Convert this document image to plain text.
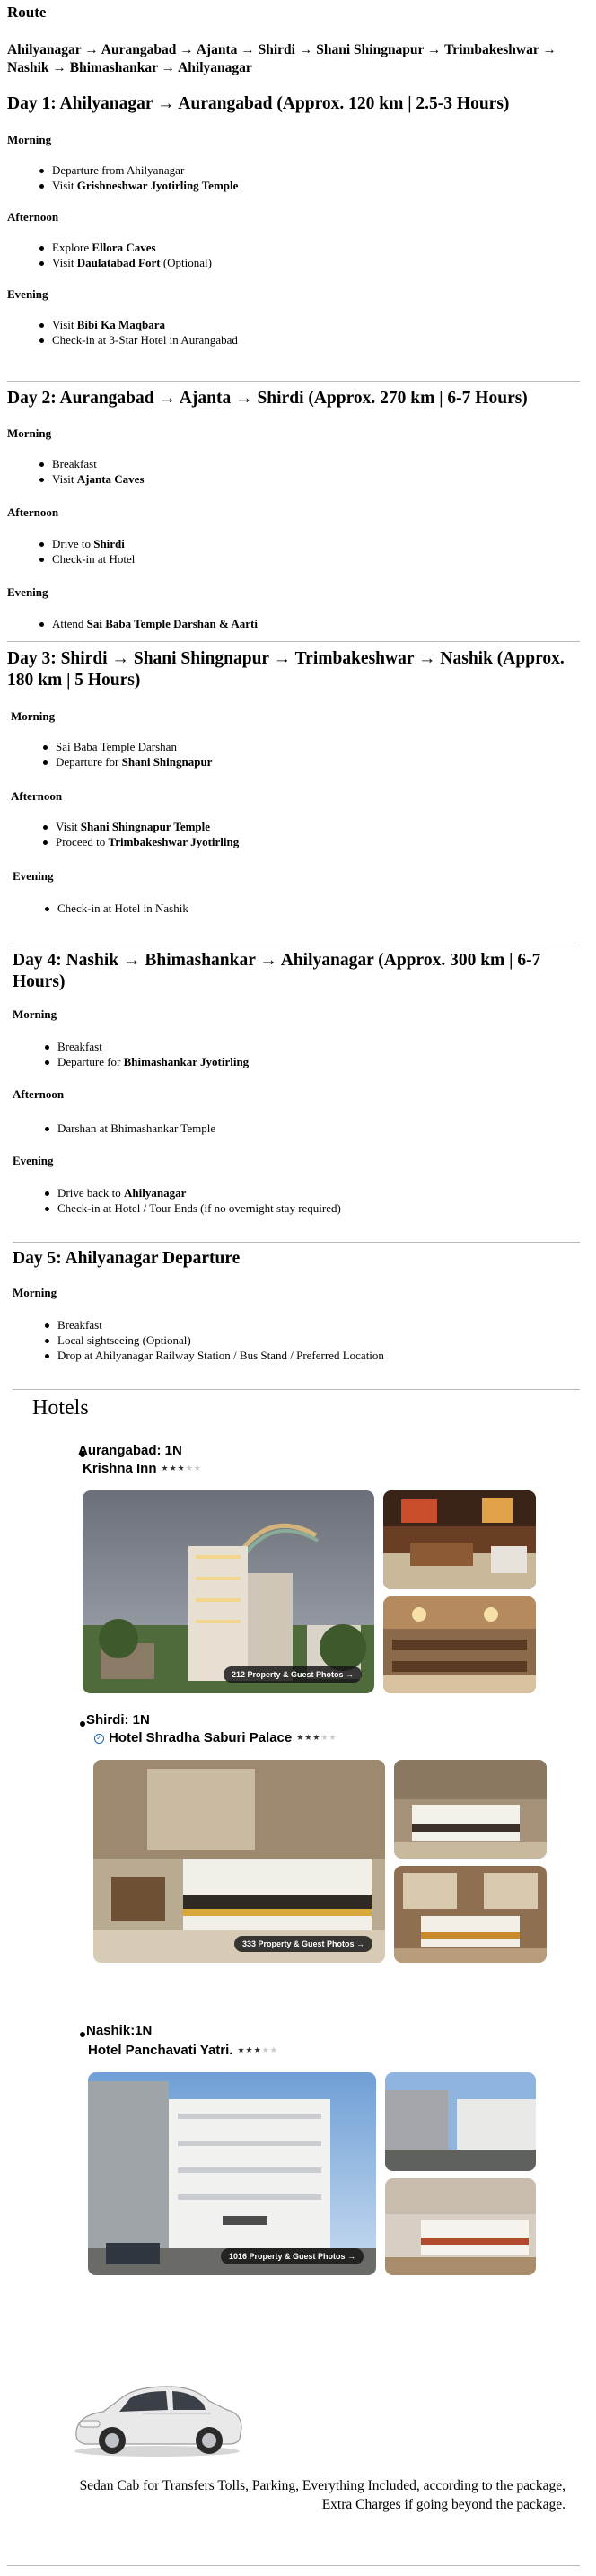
Route
Ahilyanagar → Aurangabad → Ajanta → Shirdi → Shani Shingnapur → Trimbakeshwar → Nashik → Bhimashankar → Ahilyanagar
Day 1: Ahilyanagar → Aurangabad (Approx. 120 km | 2.5-3 Hours)
Morning
Departure from Ahilyanagar
Visit Grishneshwar Jyotirling Temple
Afternoon
Explore Ellora Caves
Visit Daulatabad Fort (Optional)
Evening
Visit Bibi Ka Maqbara
Check-in at 3-Star Hotel in Aurangabad
Day 2: Aurangabad → Ajanta → Shirdi (Approx. 270 km | 6-7 Hours)
Morning
Breakfast
Visit Ajanta Caves
Afternoon
Drive to Shirdi
Check-in at Hotel
Evening
Attend Sai Baba Temple Darshan & Aarti
Day 3: Shirdi → Shani Shingnapur → Trimbakeshwar → Nashik (Approx. 180 km | 5 Hours)
Morning
Sai Baba Temple Darshan
Departure for Shani Shingnapur
Afternoon
Visit Shani Shingnapur Temple
Proceed to Trimbakeshwar Jyotirling
Evening
Check-in at Hotel in Nashik
Day 4: Nashik → Bhimashankar → Ahilyanagar (Approx. 300 km | 6-7 Hours)
Morning
Breakfast
Departure for Bhimashankar Jyotirling
Afternoon
Darshan at Bhimashankar Temple
Evening
Drive back to Ahilyanagar
Check-in at Hotel / Tour Ends (if no overnight stay required)
Day 5: Ahilyanagar Departure
Morning
Breakfast
Local sightseeing (Optional)
Drop at Ahilyanagar Railway Station / Bus Stand / Preferred Location
Hotels
Aurangabad: 1N
Krishna Inn ★★★★★
212 Property & Guest Photos →
Shirdi: 1N
✓ Hotel Shradha Saburi Palace ★★★★★
333 Property & Guest Photos →
Nashik:1N
Hotel Panchavati Yatri. ★★★★★
1016 Property & Guest Photos →
Sedan Cab for Transfers Tolls, Parking, Everything Included, according to the package, Extra Charges if going beyond the package.
